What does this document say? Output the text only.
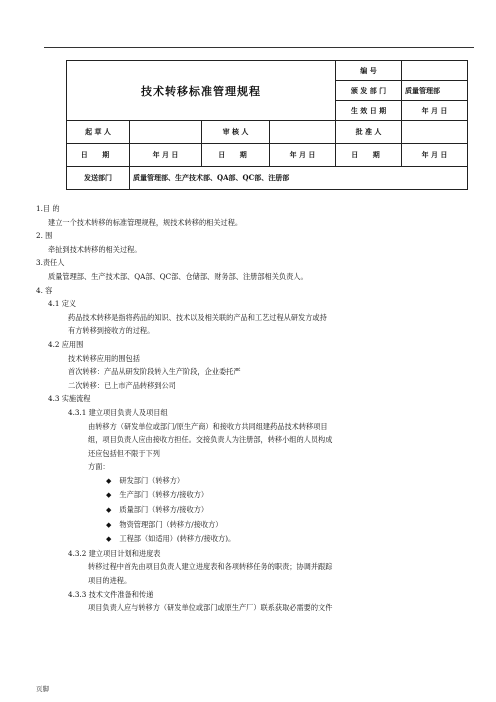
技术转移标准管理规程				编 号	
				颁 发 部 门	质量管理部
				生 效 日 期	年 月 日
起 草 人		审 核 人		批 准 人	
日 期	年 月 日	日 期	年 月 日	日 期	年 月 日
发送部门	质量管理部、生产技术部、QA部、QC部、注册部				
1.目 的
建立一个技术转移的标准管理规程，规技术转移的相关过程。
2. 围
牵扯到技术转移的相关过程。
3.责任人
质量管理部、生产技术部、QA部、QC部、仓储部、财务部、注册部相关负责人。
4. 容
4.1 定义
药品技术转移是指将药品的知识、技术以及相关联的产品和工艺过程从研发方或持
有方转移到接收方的过程。
4.2 应用围
技术转移应用的围包括
首次转移：产品从研发阶段转入生产阶段，企业委托严
二次转移：已上市产品转移到公司
4.3 实施流程
4.3.1 建立项目负责人及项目组
由转移方（研发单位或部门/原生产商）和接收方共同组建药品技术转移项目
组，项目负责人应由接收方担任。交接负责人为注册部，转移小组的人员构成
还应包括但不限于下列
方面：
◆ 研发部门（转移方）
◆ 生产部门（转移方/接收方）
◆ 质量部门（转移方/接收方）
◆ 物资管理部门（转移方/接收方）
◆ 工程部（如适用）(转移方/接收方)。
4.3.2 建立项目计划和进度表
转移过程中首先由项目负责人建立进度表和各项转移任务的职责；协调并跟踪
项目的进程。
4.3.3 技术文件准备和传递
项目负责人应与转移方（研发单位或部门或原生产厂）联系获取必需要的文件
页脚
